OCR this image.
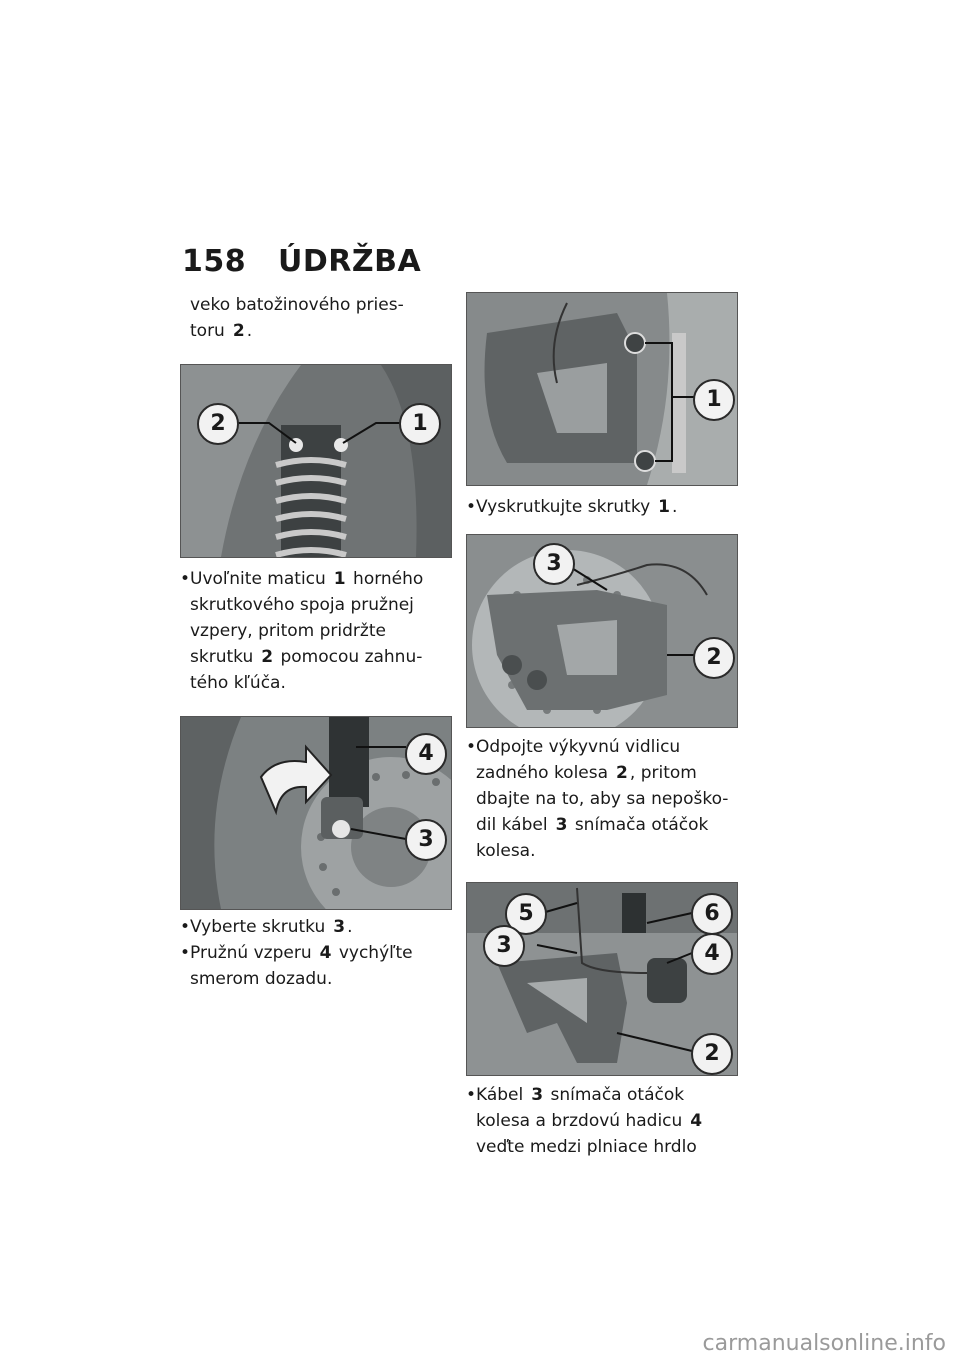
158 ÚDRŽBA

veko batožinového pries-toru 2 .

2	1
• Uvoľnite maticu 1 horného skrutkového spoja pružnej vzpery, pritom pridržte skrutku 2 pomocou zahnu-tého kľúča.
4
3
• Vyberte skrutku 3 .
• Pružnú vzperu 4 vychýľte smerom dozadu.
1
• Vyskrutkujte skrutky 1 .
3
2
• Odpojte výkyvnú vidlicu zadného kolesa 2 , pritom dbajte na to, aby sa nepoško-dil kábel 3 snímača otáčok kolesa.
5	6
3	4
2
• Kábel 3 snímača otáčok kolesa a brzdovú hadicu 4 veďte medzi plniace hrdlo
carmanualsonline.info
